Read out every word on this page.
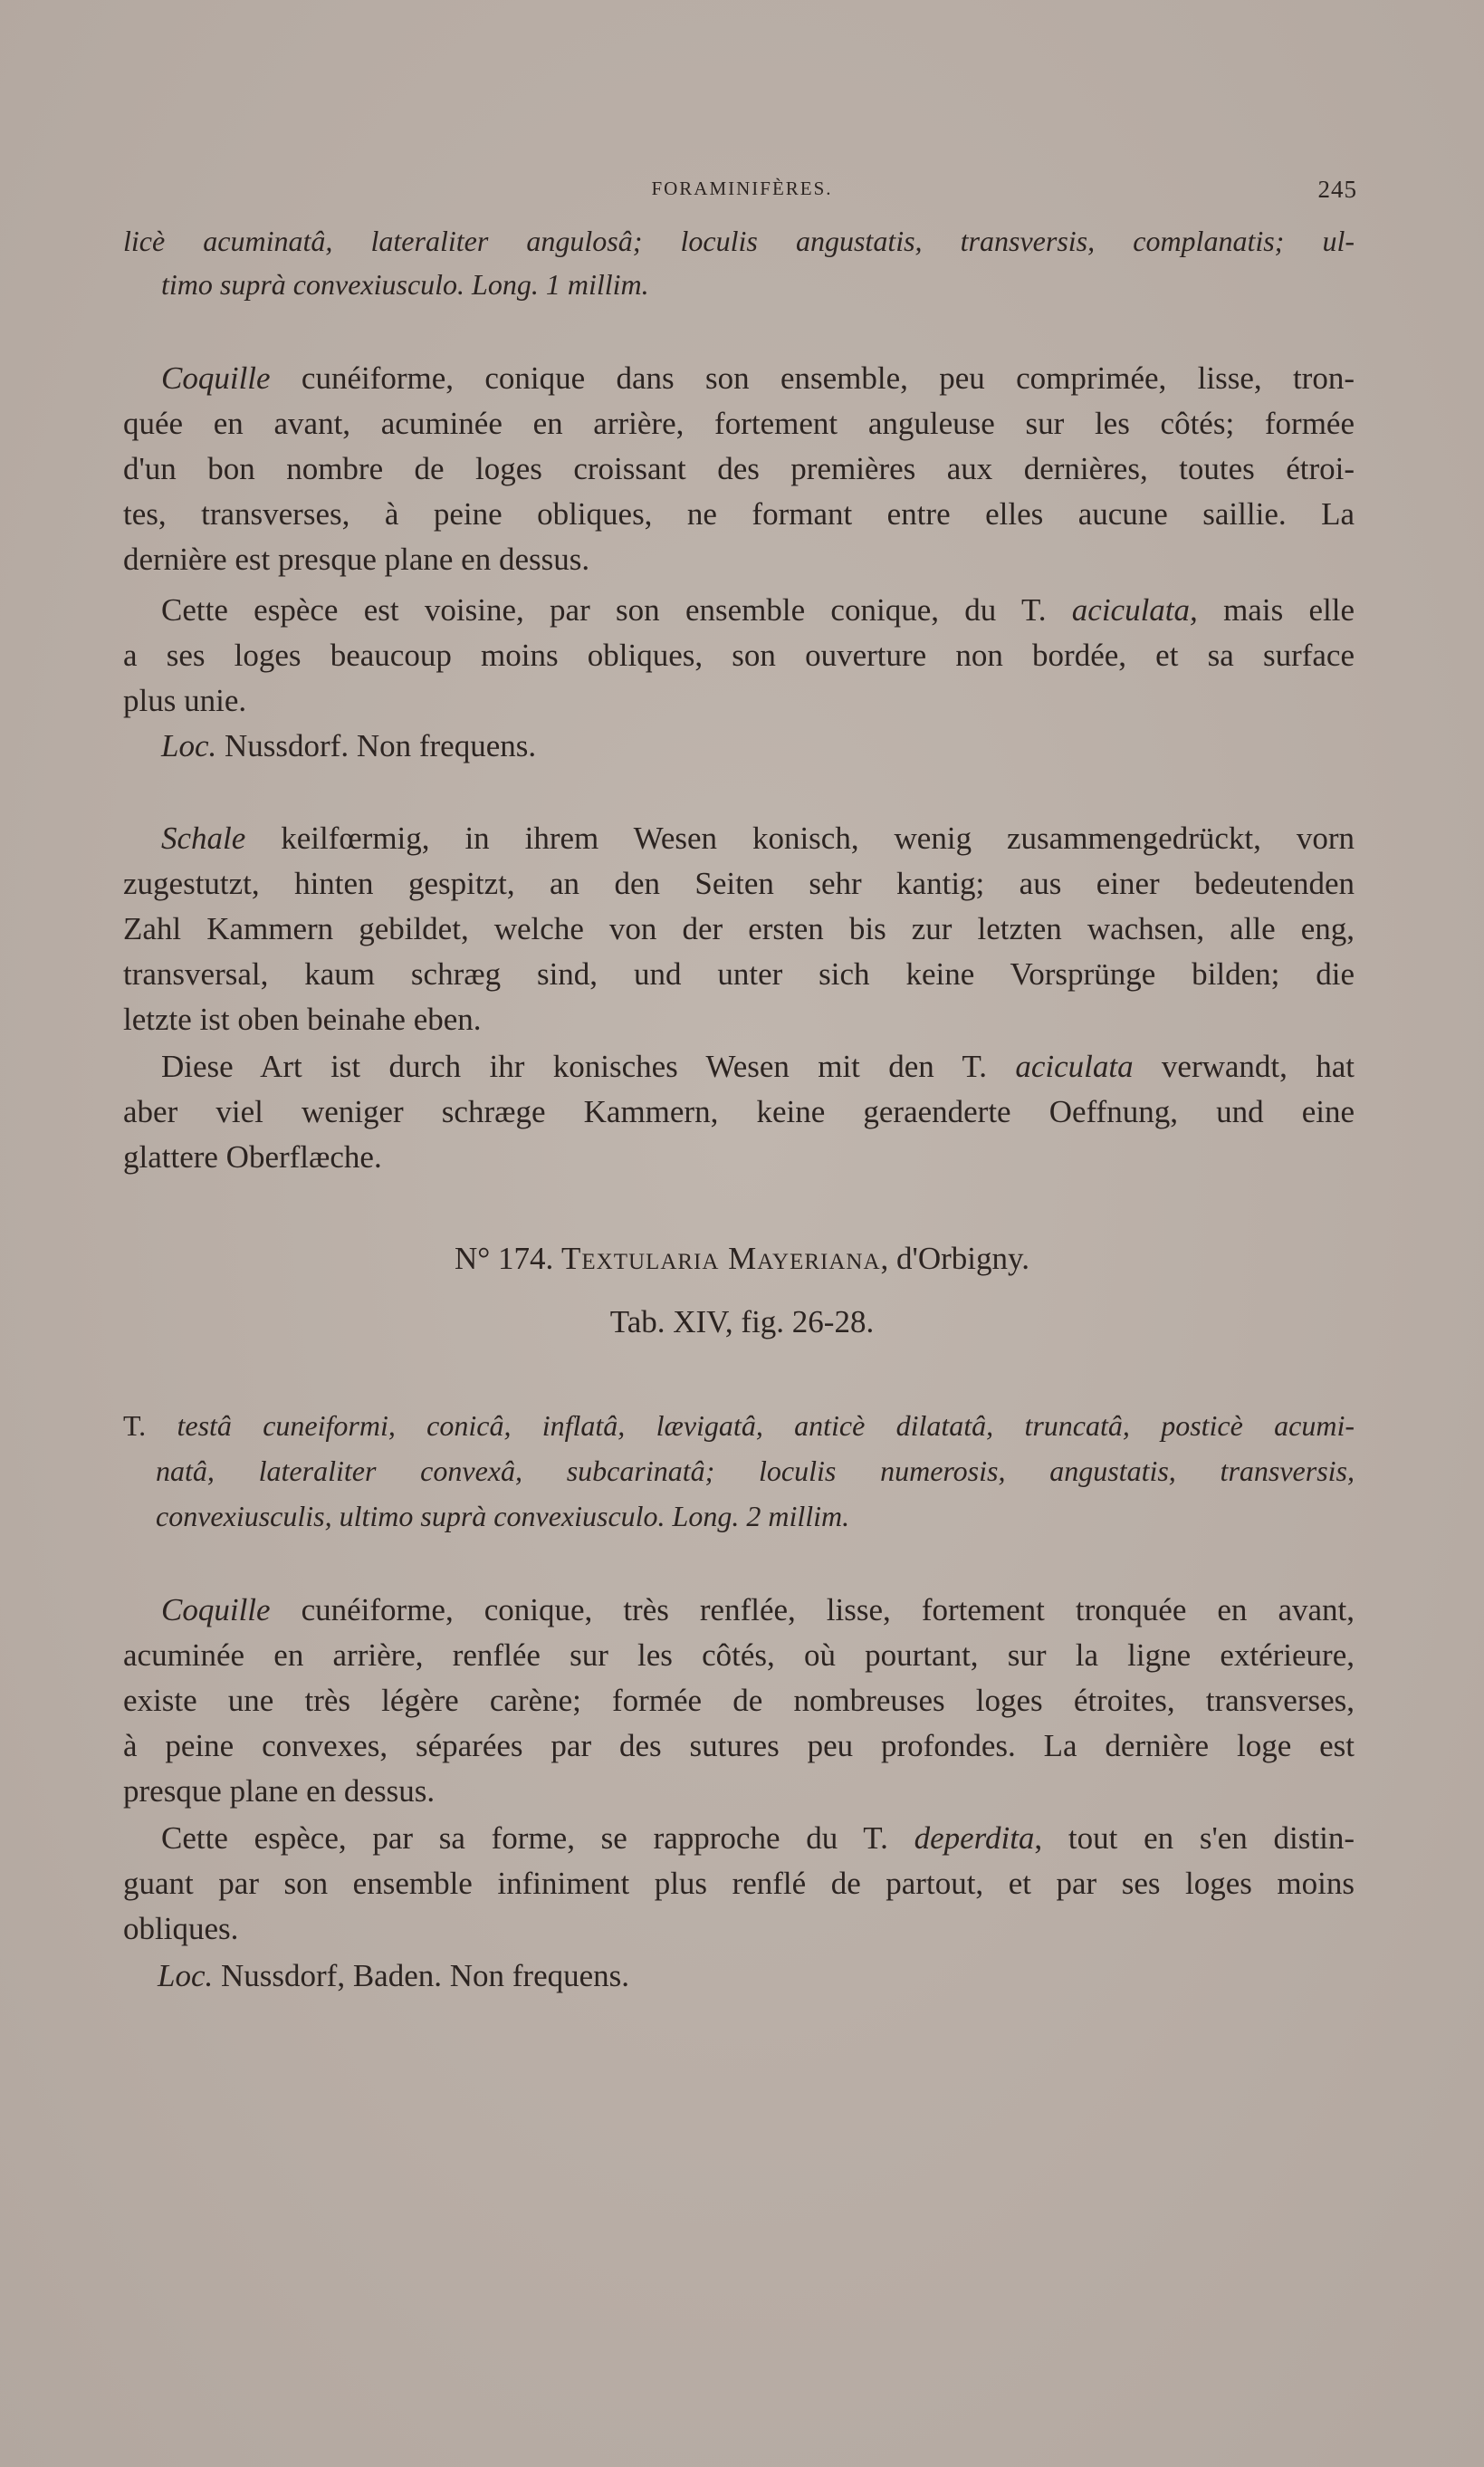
FORAMINIFÈRES.	245
licè acuminatâ, lateraliter angulosâ; loculis angustatis, transversis, complanatis; ul-
timo suprà convexiusculo. Long. 1 millim.
Coquille cunéiforme, conique dans son ensemble, peu comprimée, lisse, tron-
quée en avant, acuminée en arrière, fortement anguleuse sur les côtés; formée
d'un bon nombre de loges croissant des premières aux dernières, toutes étroi-
tes, transverses, à peine obliques, ne formant entre elles aucune saillie. La
dernière est presque plane en dessus.
Cette espèce est voisine, par son ensemble conique, du T. aciculata, mais elle
a ses loges beaucoup moins obliques, son ouverture non bordée, et sa surface
plus unie.
Loc. Nussdorf. Non frequens.
Schale keilfœrmig, in ihrem Wesen konisch, wenig zusammengedrückt, vorn
zugestutzt, hinten gespitzt, an den Seiten sehr kantig; aus einer bedeutenden
Zahl Kammern gebildet, welche von der ersten bis zur letzten wachsen, alle eng,
transversal, kaum schræg sind, und unter sich keine Vorsprünge bilden; die
letzte ist oben beinahe eben.
Diese Art ist durch ihr konisches Wesen mit den T. aciculata verwandt, hat
aber viel weniger schræge Kammern, keine geraenderte Oeffnung, und eine
glattere Oberflæche.
N° 174. Textularia Mayeriana, d'Orbigny.
Tab. XIV, fig. 26-28.
T. testâ cuneiformi, conicâ, inflatâ, lævigatâ, anticè dilatatâ, truncatâ, posticè acumi-
natâ, lateraliter convexâ, subcarinatâ; loculis numerosis, angustatis, transversis,
convexiusculis, ultimo suprà convexiusculo. Long. 2 millim.
Coquille cunéiforme, conique, très renflée, lisse, fortement tronquée en avant,
acuminée en arrière, renflée sur les côtés, où pourtant, sur la ligne extérieure,
existe une très légère carène; formée de nombreuses loges étroites, transverses,
à peine convexes, séparées par des sutures peu profondes. La dernière loge est
presque plane en dessus.
Cette espèce, par sa forme, se rapproche du T. deperdita, tout en s'en distin-
guant par son ensemble infiniment plus renflé de partout, et par ses loges moins
obliques.
Loc. Nussdorf, Baden. Non frequens.
